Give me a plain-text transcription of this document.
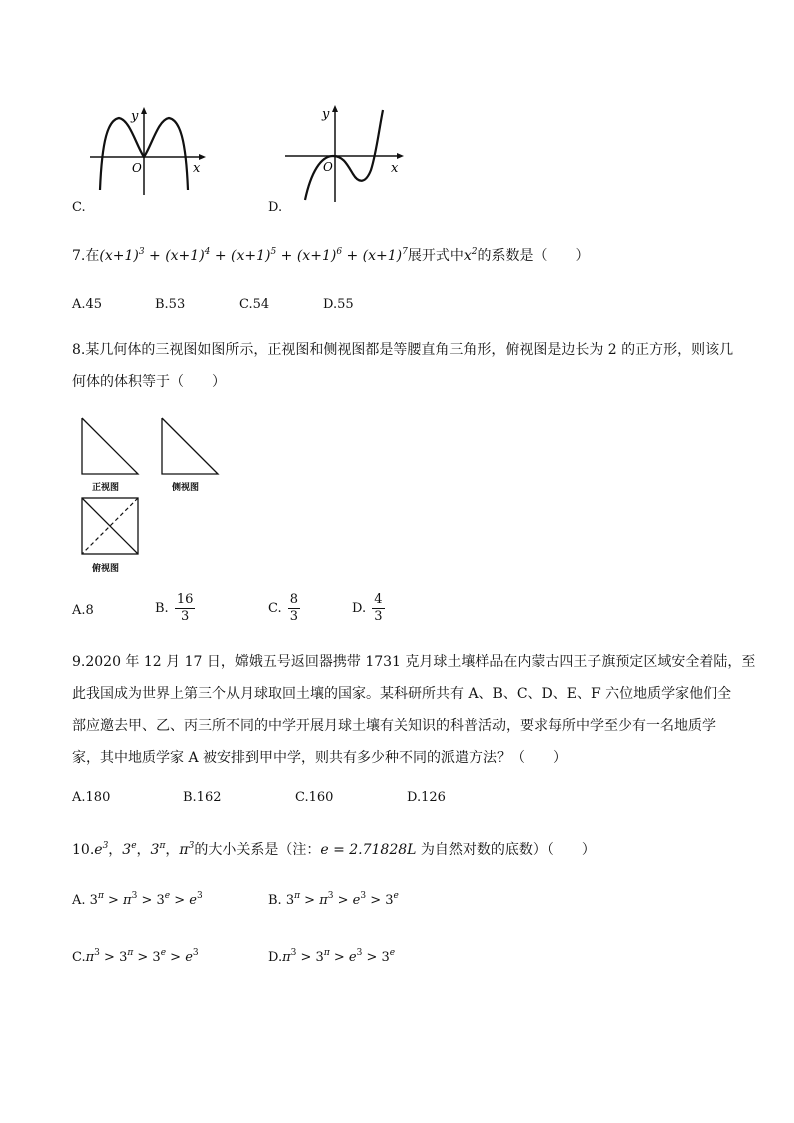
y
x
O
C.
y
x
O
D.
7.在$(x+1)^3 + (x+1)^4 + (x+1)^5 + (x+1)^6 + (x+1)^7$展开式中$x^2$的系数是（　　）
A.45	B.53	C.54	D.55
8.某几何体的三视图如图所示，正视图和侧视图都是等腰直角三角形，俯视图是边长为 2 的正方形，则该几
何体的体积等于（　　）
正视图	侧视图
俯视图
A.8	B. $\frac{16}{3}$	C. $\frac{8}{3}$	D. $\frac{4}{3}$
9.2020 年 12 月 17 日，嫦娥五号返回器携带 1731 克月球土壤样品在内蒙古四王子旗预定区域安全着陆，至
此我国成为世界上第三个从月球取回土壤的国家。某科研所共有 A、B、C、D、E、F 六位地质学家他们全
部应邀去甲、乙、丙三所不同的中学开展月球土壤有关知识的科普活动，要求每所中学至少有一名地质学
家，其中地质学家 A 被安排到甲中学，则共有多少种不同的派遣方法？（　　）
A.180	B.162	C.160	D.126
$10.e^3$，3e，$3^\pi$，$\pi^3$的大小关系是（注：e = 2.71828L 为自然对数的底数）（　　）
A. $3^\pi > \pi^3 > 3^e > e^3$	B. $3^\pi > \pi^3 > e^3 > 3^e$
$C.\pi^3 > 3^\pi > 3^e > e^3$	$D.\pi^3 > 3^\pi > e^3 > 3^e$
